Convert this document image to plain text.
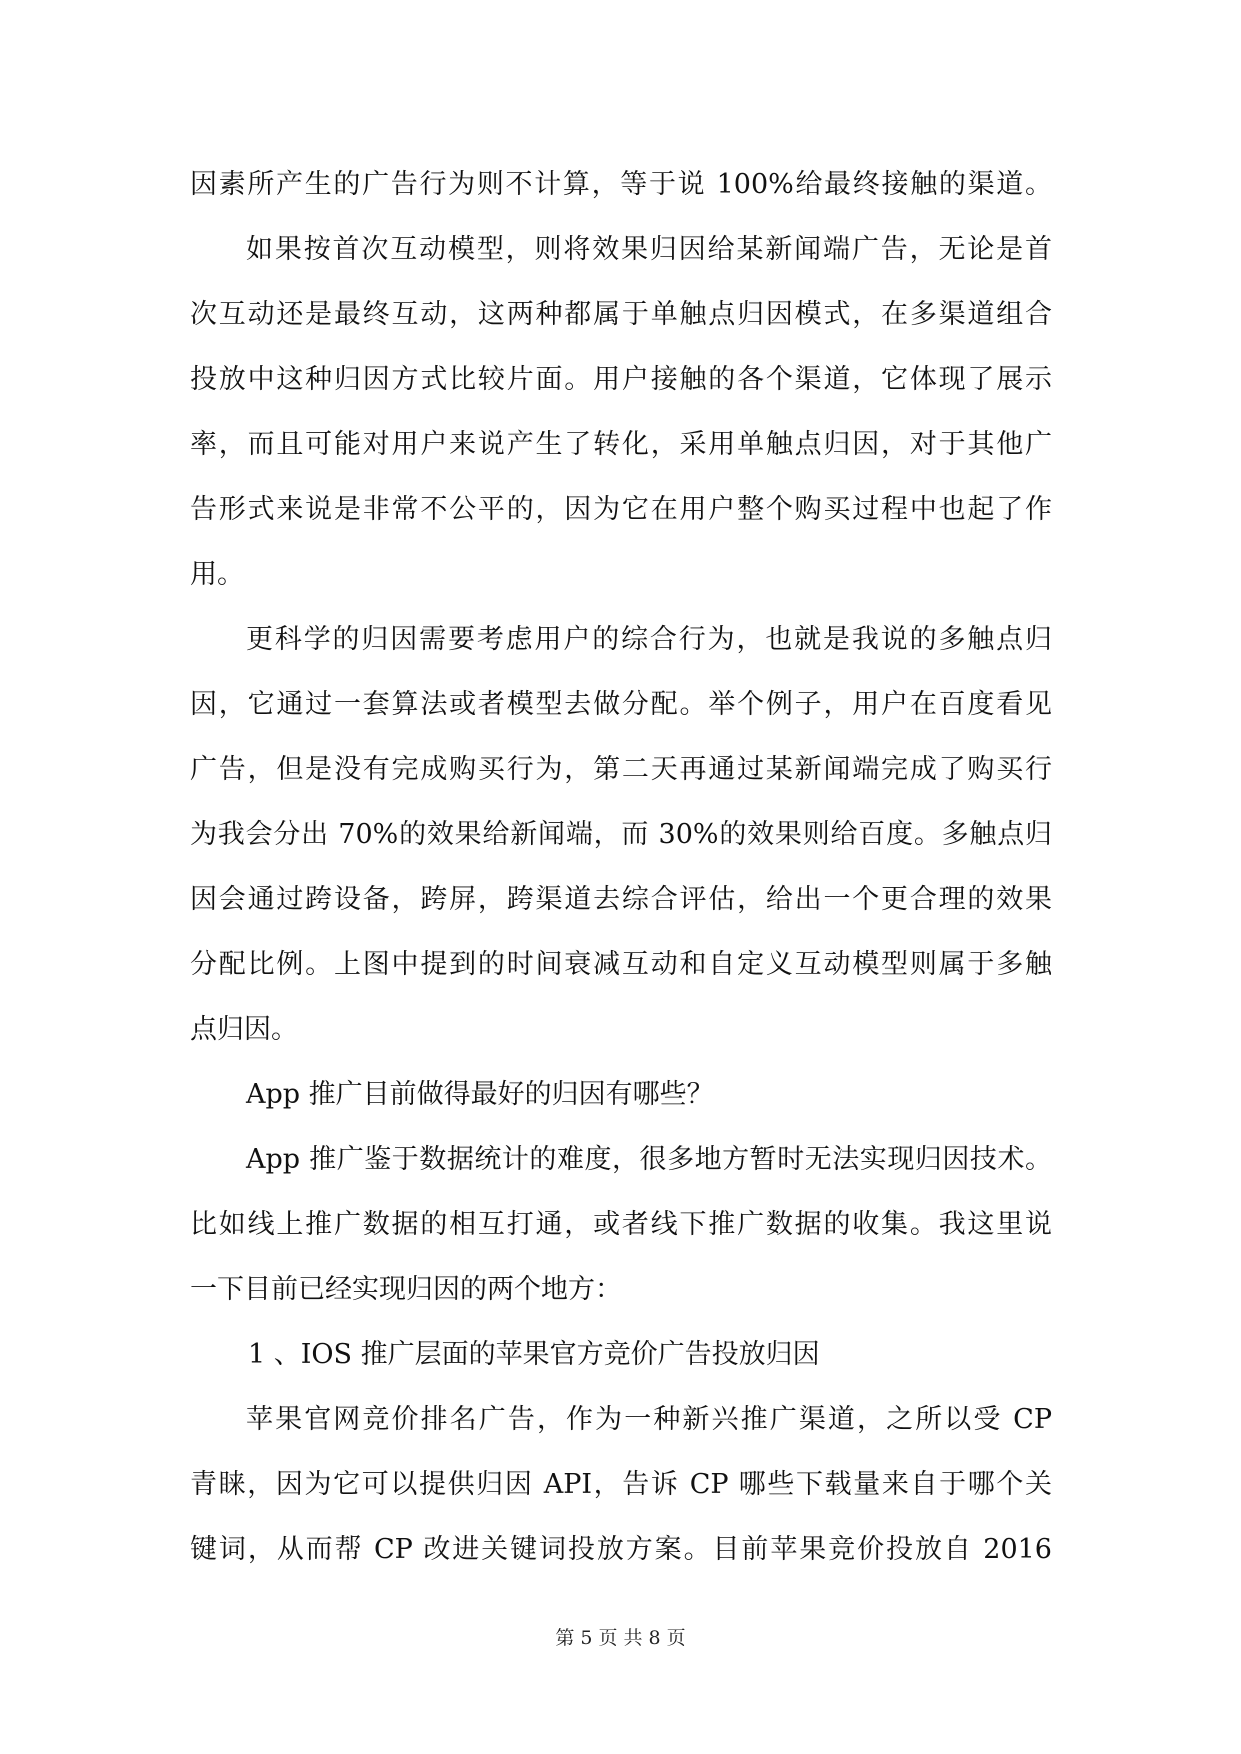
因素所产生的广告行为则不计算，等于说 100%给最终接触的渠道。
如果按首次互动模型，则将效果归因给某新闻端广告，无论是首
次互动还是最终互动，这两种都属于单触点归因模式，在多渠道组合
投放中这种归因方式比较片面。用户接触的各个渠道，它体现了展示
率，而且可能对用户来说产生了转化，采用单触点归因，对于其他广
告形式来说是非常不公平的，因为它在用户整个购买过程中也起了作
用。
更科学的归因需要考虑用户的综合行为，也就是我说的多触点归
因，它通过一套算法或者模型去做分配。举个例子，用户在百度看见
广告，但是没有完成购买行为，第二天再通过某新闻端完成了购买行
为我会分出 70%的效果给新闻端，而 30%的效果则给百度。多触点归
因会通过跨设备，跨屏，跨渠道去综合评估，给出一个更合理的效果
分配比例。上图中提到的时间衰减互动和自定义互动模型则属于多触
点归因。
App 推广目前做得最好的归因有哪些？
App 推广鉴于数据统计的难度，很多地方暂时无法实现归因技术。
比如线上推广数据的相互打通，或者线下推广数据的收集。我这里说
一下目前已经实现归因的两个地方：
1 、IOS 推广层面的苹果官方竞价广告投放归因
苹果官网竞价排名广告，作为一种新兴推广渠道，之所以受 CP
青睐，因为它可以提供归因 API，告诉 CP 哪些下载量来自于哪个关
键词，从而帮 CP 改进关键词投放方案。目前苹果竞价投放自 2016
第 5 页 共 8 页
